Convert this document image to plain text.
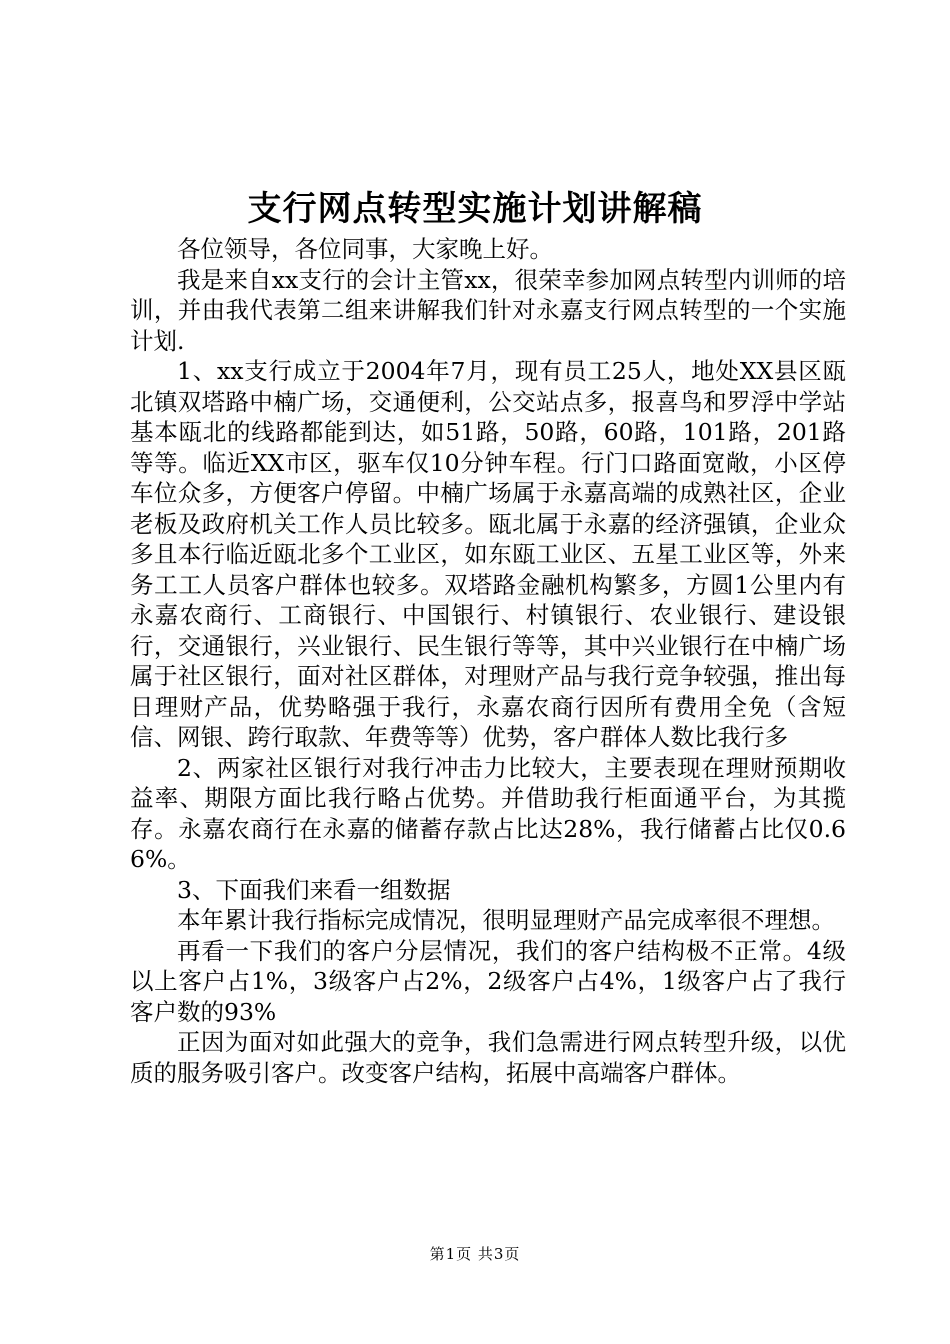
支行网点转型实施计划讲解稿

各位领导，各位同事，大家晚上好。

我是来自xx支行的会计主管xx，很荣幸参加网点转型内训师的培训，并由我代表第二组来讲解我们针对永嘉支行网点转型的一个实施计划.

1、xx支行成立于2004年7月，现有员工25人，地处XX县区瓯北镇双塔路中楠广场，交通便利，公交站点多，报喜鸟和罗浮中学站基本瓯北的线路都能到达，如51路，50路，60路，101路，201路等等。临近XX市区，驱车仅10分钟车程。行门口路面宽敞，小区停车位众多，方便客户停留。中楠广场属于永嘉高端的成熟社区，企业老板及政府机关工作人员比较多。瓯北属于永嘉的经济强镇，企业众多且本行临近瓯北多个工业区，如东瓯工业区、五星工业区等，外来务工工人员客户群体也较多。双塔路金融机构繁多，方圆1公里内有永嘉农商行、工商银行、中国银行、村镇银行、农业银行、建设银行，交通银行，兴业银行、民生银行等等，其中兴业银行在中楠广场属于社区银行，面对社区群体，对理财产品与我行竞争较强，推出每日理财产品，优势略强于我行，永嘉农商行因所有费用全免（含短信、网银、跨行取款、年费等等）优势，客户群体人数比我行多

2、两家社区银行对我行冲击力比较大，主要表现在理财预期收益率、期限方面比我行略占优势。并借助我行柜面通平台，为其揽存。永嘉农商行在永嘉的储蓄存款占比达28%，我行储蓄占比仅0.66%。

3、下面我们来看一组数据

本年累计我行指标完成情况，很明显理财产品完成率很不理想。

再看一下我们的客户分层情况，我们的客户结构极不正常。4级以上客户占1%，3级客户占2%，2级客户占4%，1级客户占了我行客户数的93%

正因为面对如此强大的竞争，我们急需进行网点转型升级，以优质的服务吸引客户。改变客户结构，拓展中高端客户群体。

第1页 共3页
